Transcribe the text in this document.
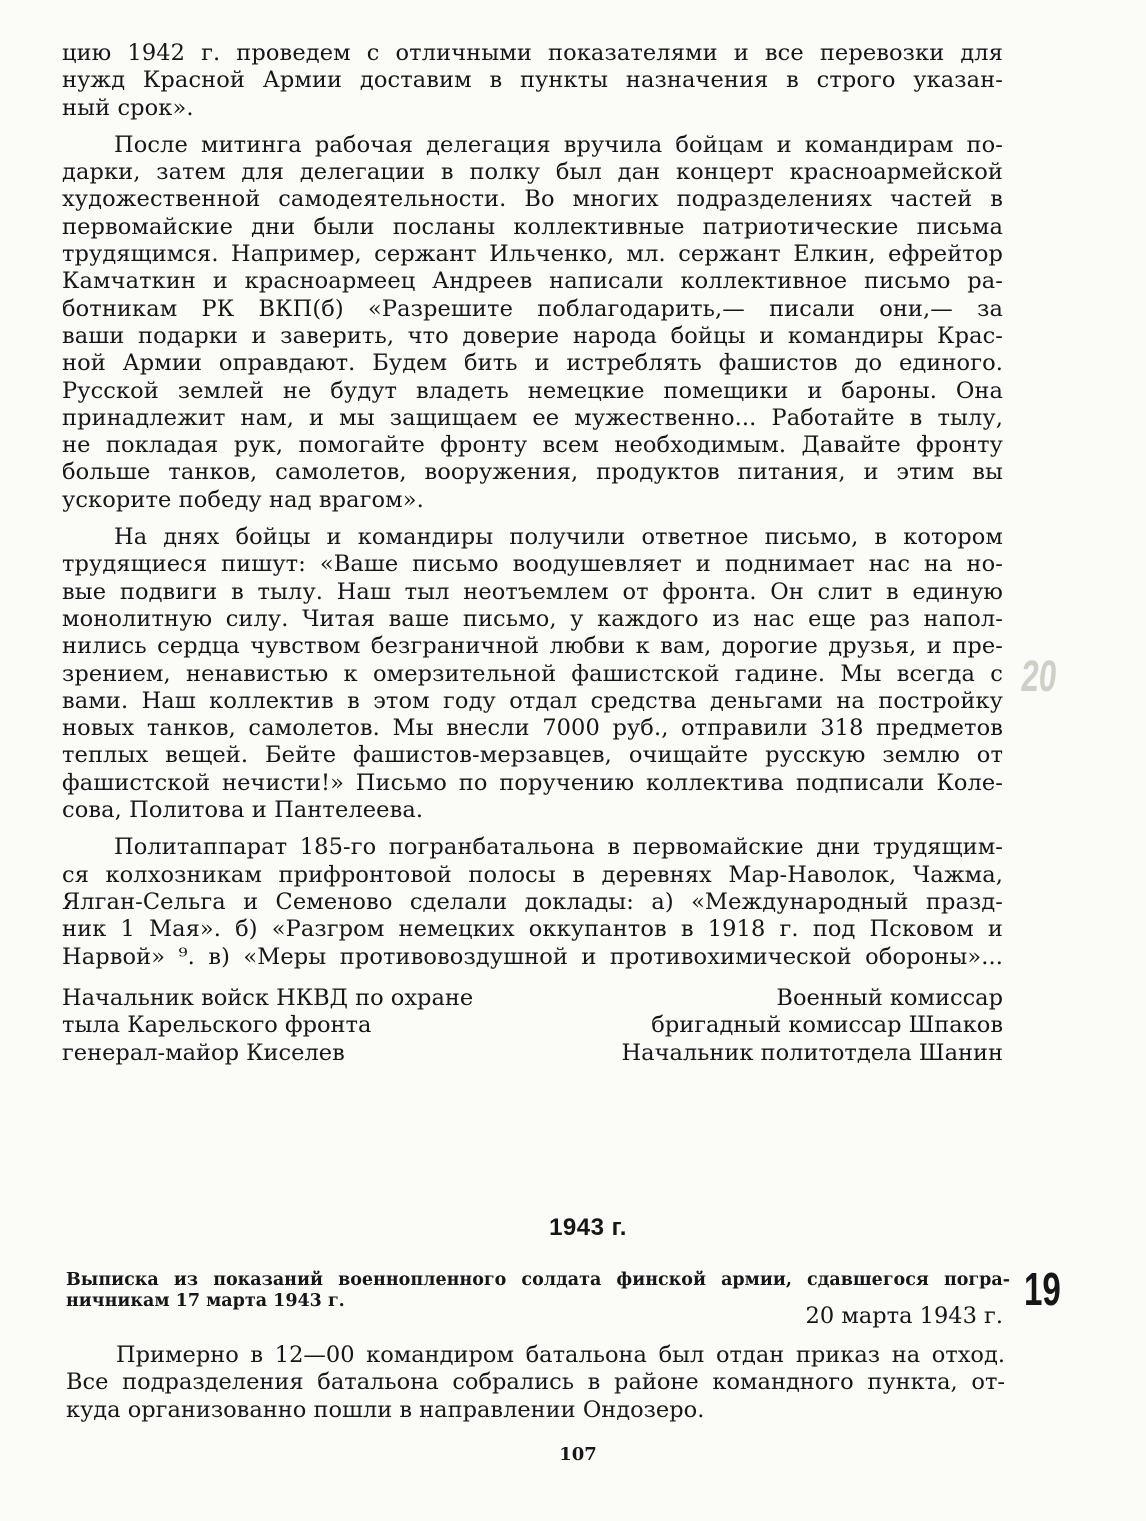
цию 1942 г. проведем с отличными показателями и все перевозки для
нужд Красной Армии доставим в пункты назначения в строго указан-
ный срок».
После митинга рабочая делегация вручила бойцам и командирам по-
дарки, затем для делегации в полку был дан концерт красноармейской
художественной самодеятельности. Во многих подразделениях частей в
первомайские дни были посланы коллективные патриотические письма
трудящимся. Например, сержант Ильченко, мл. сержант Елкин, ефрейтор
Камчаткин и красноармеец Андреев написали коллективное письмо ра-
ботникам РК ВКП(б) «Разрешите поблагодарить,— писали они,— за
ваши подарки и заверить, что доверие народа бойцы и командиры Крас-
ной Армии оправдают. Будем бить и истреблять фашистов до единого.
Русской землей не будут владеть немецкие помещики и бароны. Она
принадлежит нам, и мы защищаем ее мужественно... Работайте в тылу,
не покладая рук, помогайте фронту всем необходимым. Давайте фронту
больше танков, самолетов, вооружения, продуктов питания, и этим вы
ускорите победу над врагом».
На днях бойцы и командиры получили ответное письмо, в котором
трудящиеся пишут: «Ваше письмо воодушевляет и поднимает нас на но-
вые подвиги в тылу. Наш тыл неотъемлем от фронта. Он слит в единую
монолитную силу. Читая ваше письмо, у каждого из нас еще раз напол-
нились сердца чувством безграничной любви к вам, дорогие друзья, и пре-
зрением, ненавистью к омерзительной фашистской гадине. Мы всегда с
вами. Наш коллектив в этом году отдал средства деньгами на постройку
новых танков, самолетов. Мы внесли 7000 руб., отправили 318 предметов
теплых вещей. Бейте фашистов-мерзавцев, очищайте русскую землю от
фашистской нечисти!» Письмо по поручению коллектива подписали Коле-
сова, Политова и Пантелеева.
Политаппарат 185-го погранбатальона в первомайские дни трудящим-
ся колхозникам прифронтовой полосы в деревнях Мар-Наволок, Чажма,
Ялган-Сельга и Семеново сделали доклады: а) «Международный празд-
ник 1 Мая». б) «Разгром немецких оккупантов в 1918 г. под Псковом и
Нарвой» ⁹. в) «Меры противовоздушной и противохимической обороны»...
Начальник войск НКВД по охране	Военный комиссар
тыла Карельского фронта	бригадный комиссар Шпаков
генерал-майор Киселев	Начальник политотдела Шанин
20
1943 г.
Выписка из показаний военнопленного солдата финской армии, сдавшегося погра-
ничникам 17 марта 1943 г.	19
20 марта 1943 г.
Примерно в 12—00 командиром батальона был отдан приказ на отход.
Все подразделения батальона собрались в районе командного пункта, от-
куда организованно пошли в направлении Ондозеро.
107
